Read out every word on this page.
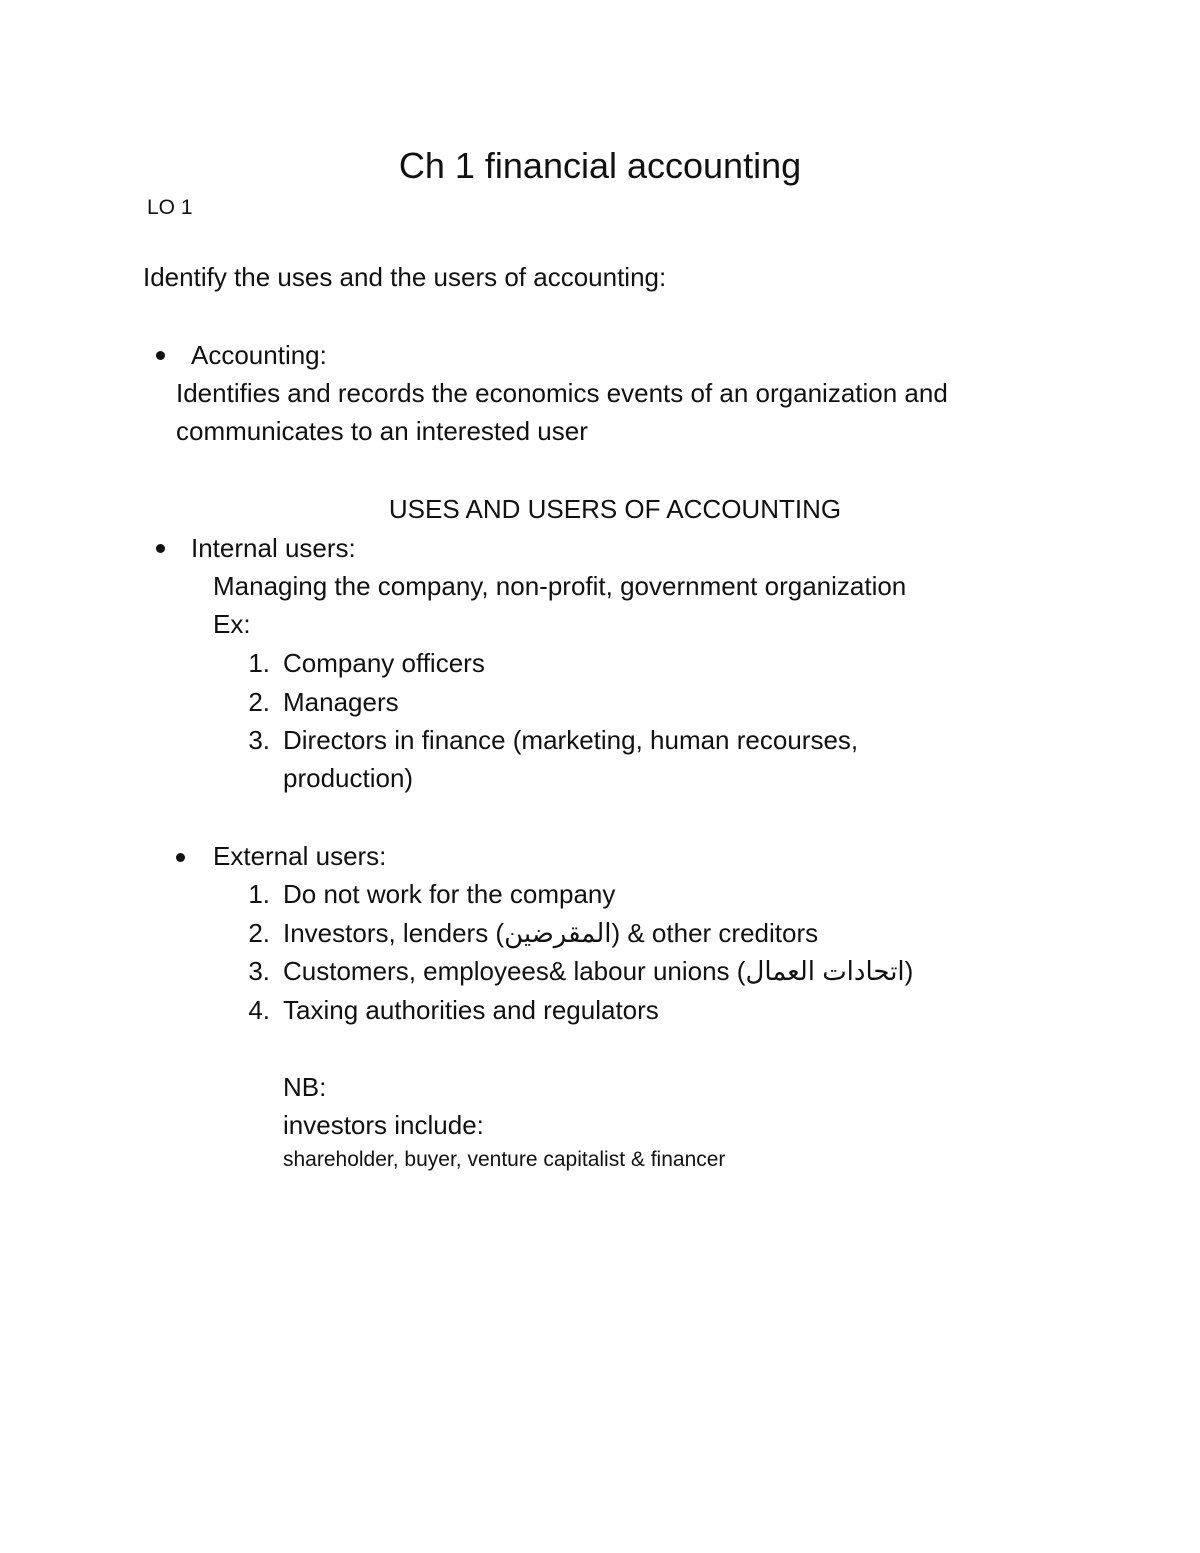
Ch 1 financial accounting
LO 1
Identify the uses and the users of accounting:
Accounting:
Identifies and records the economics events of an organization and
communicates to an interested user
USES AND USERS OF ACCOUNTING
Internal users:
Managing the company, non-profit, government organization
Ex:
1. Company officers
2. Managers
3. Directors in finance (marketing, human recourses,
production)
External users:
1. Do not work for the company
2. Investors, lenders (المقرضين) & other creditors
3. Customers, employees& labour unions (اتحادات العمال)
4. Taxing authorities and regulators
NB:
investors include:
shareholder, buyer, venture capitalist & financer
